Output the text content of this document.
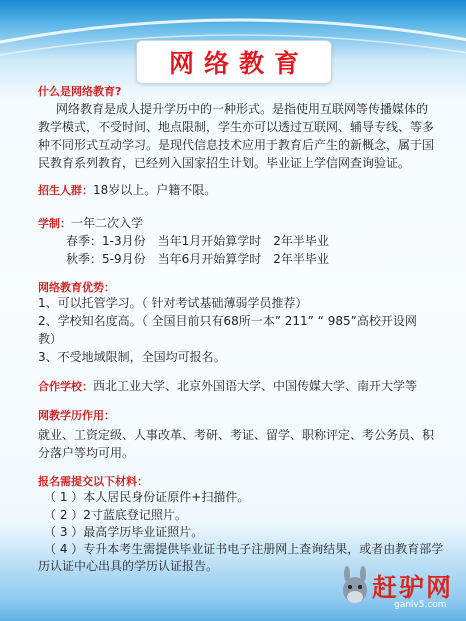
网络教育
什么是网络教育?
网络教育是成人提升学历中的一种形式。是指使用互联网等传播媒体的
教学模式，不受时间、地点限制，学生亦可以透过互联网、辅导专线、等多
种不同形式互动学习。是现代信息技术应用于教育后产生的新概念，属于国
民教育系列教育，已经列入国家招生计划。毕业证上学信网查询验证。
招生人群：18岁以上。户籍不限。
学制：一年二次入学
春季：1-3月份　当年1月开始算学时　2年半毕业
秋季：5-9月份　当年6月开始算学时　2年半毕业
网络教育优势：
1、可以托管学习。（ 针对考试基础薄弱学员推荐）
2、学校知名度高。（ 全国目前只有68所一本” 211” “ 985”高校开设网
教）
3、不受地域限制，全国均可报名。
合作学校：西北工业大学、北京外国语大学、中国传媒大学、南开大学等
网教学历作用：
就业、工资定级、人事改革、考研、考证、留学、职称评定、考公务员、积
分落户等均可用。
报名需提交以下材料：
（ 1 ）本人居民身份证原件+扫描件。
（ 2 ）2寸蓝底登记照片。
（ 3 ）最高学历毕业证照片。
（ 4 ）专升本考生需提供毕业证书电子注册网上查询结果，或者由教育部学
历认证中心出具的学历认证报告。
赶驴网
ganlv5.com
